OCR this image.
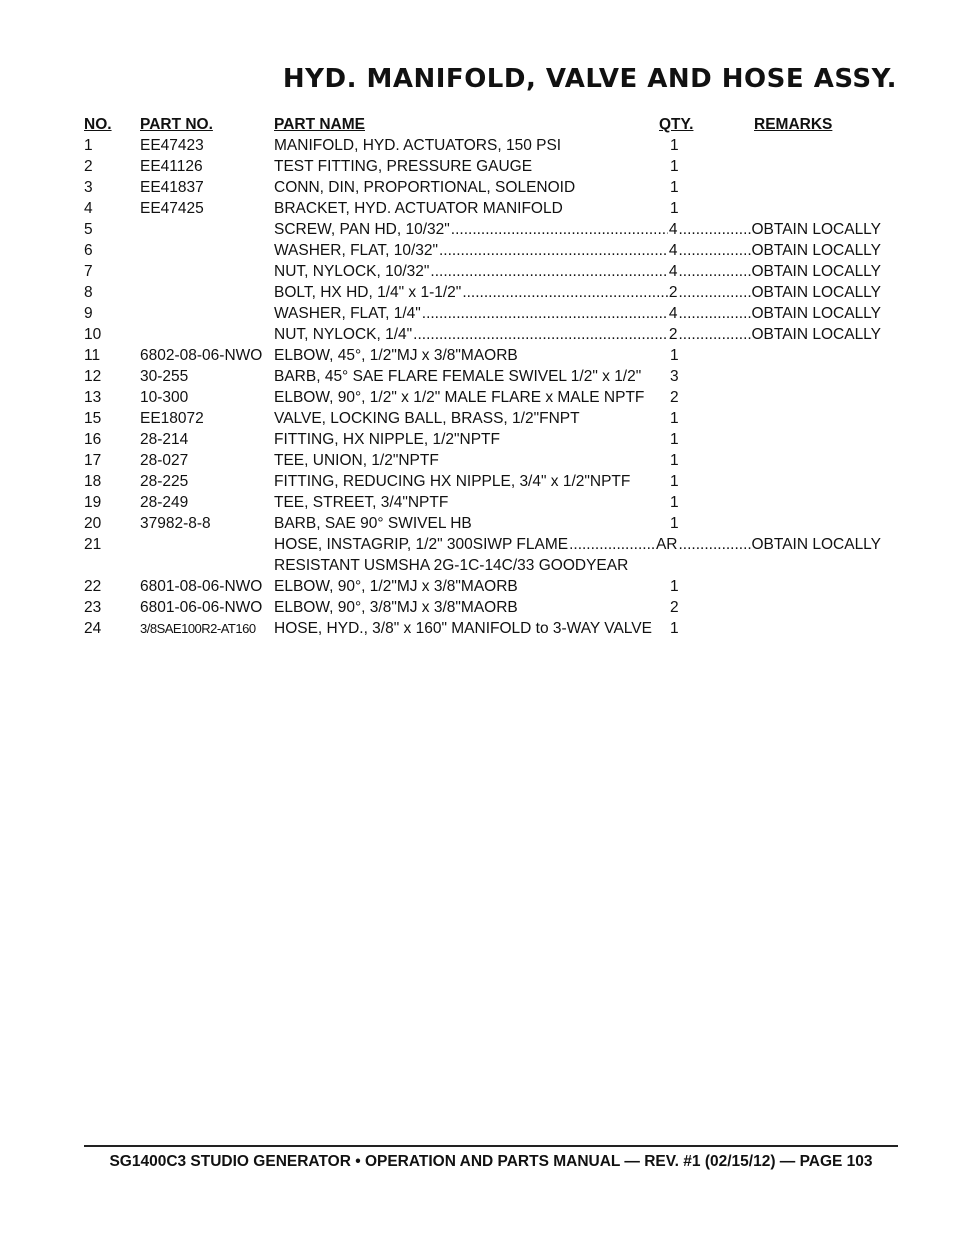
HYD. MANIFOLD, VALVE AND HOSE ASSY.
NO. PART NO.	PART NAME	QTY.	REMARKS
1	EE47423	MANIFOLD, HYD. ACTUATORS, 150 PSI	1
2	EE41126	TEST FITTING, PRESSURE GAUGE	1
3	EE41837	CONN, DIN, PROPORTIONAL, SOLENOID	1
4	EE47425	BRACKET, HYD. ACTUATOR MANIFOLD	1
5	SCREW, PAN HD, 10/32" .....	4 .....	OBTAIN LOCALLY
6	WASHER, FLAT, 10/32" .....	4 .....	OBTAIN LOCALLY
7	NUT, NYLOCK, 10/32" .....	4 .....	OBTAIN LOCALLY
8	BOLT, HX HD, 1/4" x 1-1/2" .....	2 .....	OBTAIN LOCALLY
9	WASHER, FLAT, 1/4" .....	4 .....	OBTAIN LOCALLY
10	NUT, NYLOCK, 1/4" .....	2 .....	OBTAIN LOCALLY
11	6802-08-06-NWO ELBOW, 45°, 1/2"MJ x 3/8"MAORB	1
12	30-255	BARB, 45° SAE FLARE FEMALE SWIVEL 1/2" x 1/2" 3
13	10-300	ELBOW, 90°, 1/2" x 1/2" MALE FLARE x MALE NPTF 2
15	EE18072	VALVE, LOCKING BALL, BRASS, 1/2"FNPT	1
16	28-214	FITTING, HX NIPPLE, 1/2"NPTF	1
17	28-027	TEE, UNION, 1/2"NPTF	1
18	28-225	FITTING, REDUCING HX NIPPLE, 3/4" x 1/2"NPTF	1
19	28-249	TEE, STREET, 3/4"NPTF	1
20	37982-8-8	BARB, SAE 90° SWIVEL HB	1
21	HOSE, INSTAGRIP, 1/2" 300SIWP FLAME .....	AR .....	OBTAIN LOCALLY
RESISTANT USMSHA 2G-1C-14C/33 GOODYEAR
22	6801-08-06-NWO ELBOW, 90°, 1/2"MJ x 3/8"MAORB	1
23	6801-06-06-NWO ELBOW, 90°, 3/8"MJ x 3/8"MAORB	2
24	3/8SAE100R2-AT160 HOSE, HYD., 3/8" x 160" MANIFOLD to 3-WAY VALVE 1
SG1400C3 STUDIO GENERATOR • OPERATION AND PARTS MANUAL — REV. #1 (02/15/12) — PAGE 103
